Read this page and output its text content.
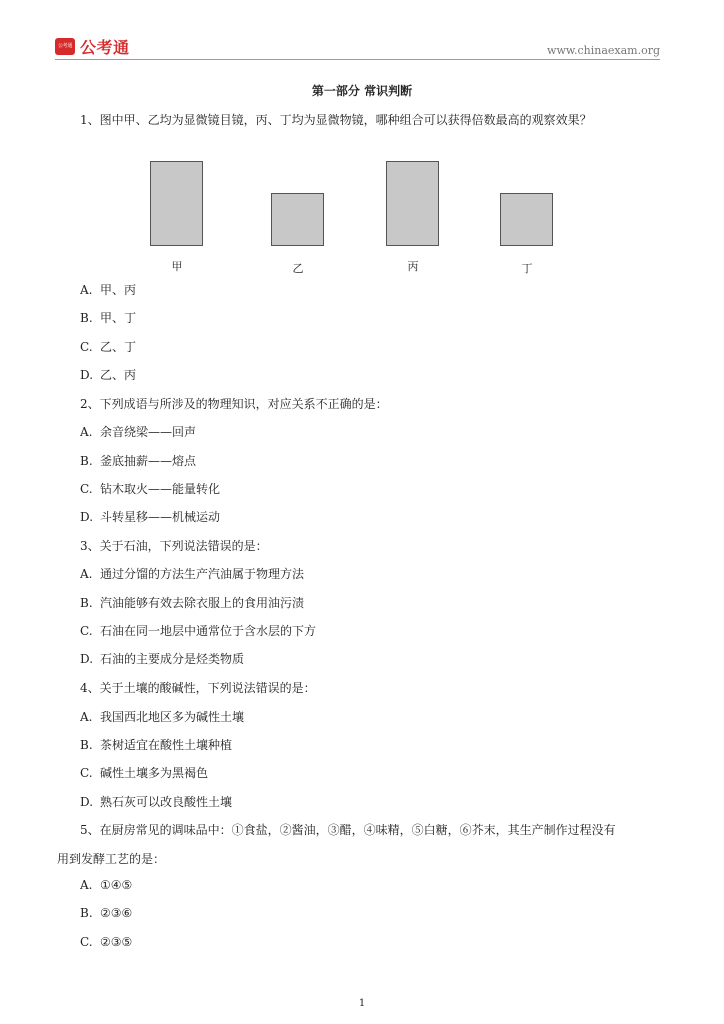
公考通 公考通	www.chinaexam.org
第一部分 常识判断
1、图中甲、乙均为显微镜目镜，丙、丁均为显微物镜，哪种组合可以获得倍数最高的观察效果？
甲	乙	丙	丁
A. 甲、丙
B. 甲、丁
C. 乙、丁
D. 乙、丙
2、下列成语与所涉及的物理知识，对应关系不正确的是：
A. 余音绕梁——回声
B. 釜底抽薪——熔点
C. 钻木取火——能量转化
D. 斗转星移——机械运动
3、关于石油，下列说法错误的是：
A. 通过分馏的方法生产汽油属于物理方法
B. 汽油能够有效去除衣服上的食用油污渍
C. 石油在同一地层中通常位于含水层的下方
D. 石油的主要成分是烃类物质
4、关于土壤的酸碱性，下列说法错误的是：
A. 我国西北地区多为碱性土壤
B. 茶树适宜在酸性土壤种植
C. 碱性土壤多为黑褐色
D. 熟石灰可以改良酸性土壤
5、在厨房常见的调味品中：①食盐，②酱油，③醋，④味精，⑤白糖，⑥芥末，其生产制作过程没有
用到发酵工艺的是：
A. ①④⑤
B. ②③⑥
C. ②③⑤
1
